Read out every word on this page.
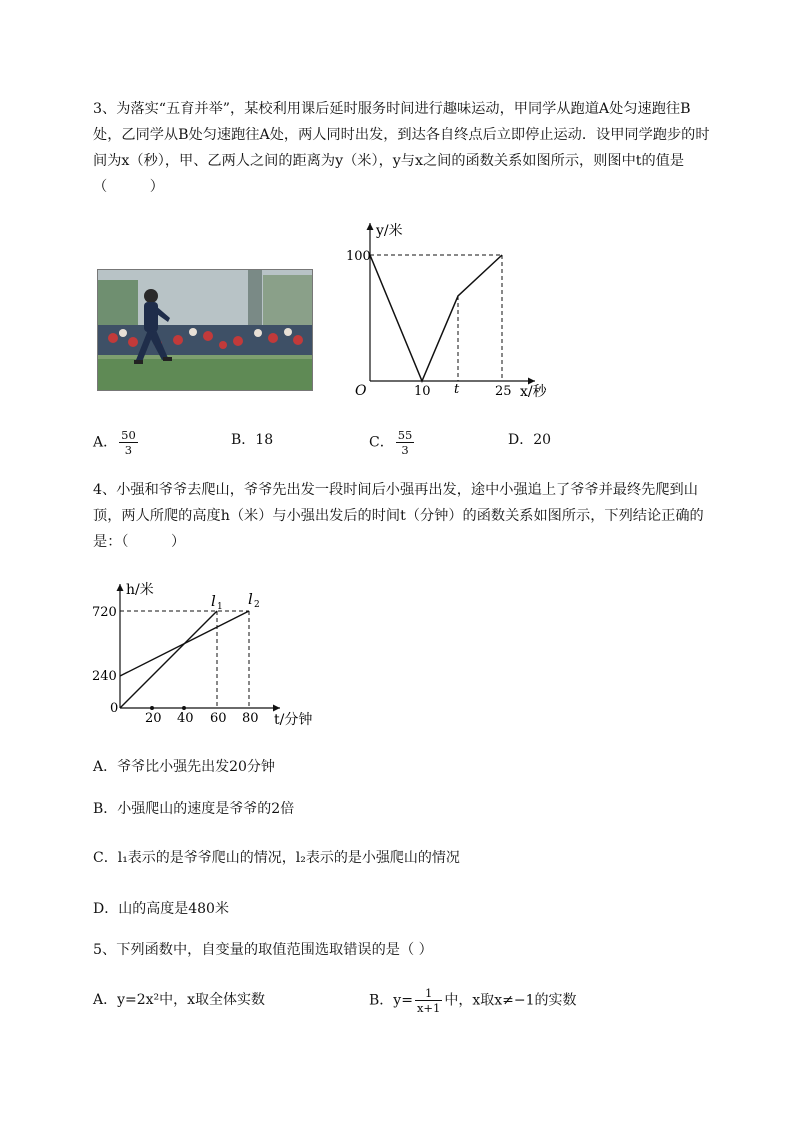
3、为落实“五育并举”，某校利用课后延时服务时间进行趣味运动，甲同学从跑道A处匀速跑往B
处，乙同学从B处匀速跑往A处，两人同时出发，到达各自终点后立即停止运动．设甲同学跑步的时
间为x（秒），甲、乙两人之间的距离为y（米），y与x之间的函数关系如图所示，则图中t的值是
（　　　）
y/米
100
O	10 t	25 x/秒
A． $\frac{50}{3}$	B．18	C． $\frac{55}{3}$	D．20
4、小强和爷爷去爬山，爷爷先出发一段时间后小强再出发，途中小强追上了爷爷并最终先爬到山
顶，两人所爬的高度h（米）与小强出发后的时间t（分钟）的函数关系如图所示，下列结论正确的
是：（　　　）
h/米
720
240
0
20 40 60 80 t/分钟
l 1 l 2
A．爷爷比小强先出发20分钟
B．小强爬山的速度是爷爷的2倍
C．l₁表示的是爷爷爬山的情况，l₂表示的是小强爬山的情况
D．山的高度是480米
5、下列函数中，自变量的取值范围选取错误的是（ ）
A．y=2x²中，x取全体实数	B．$y= \frac{1}{x+1}$ 中，x取x≠−1的实数
